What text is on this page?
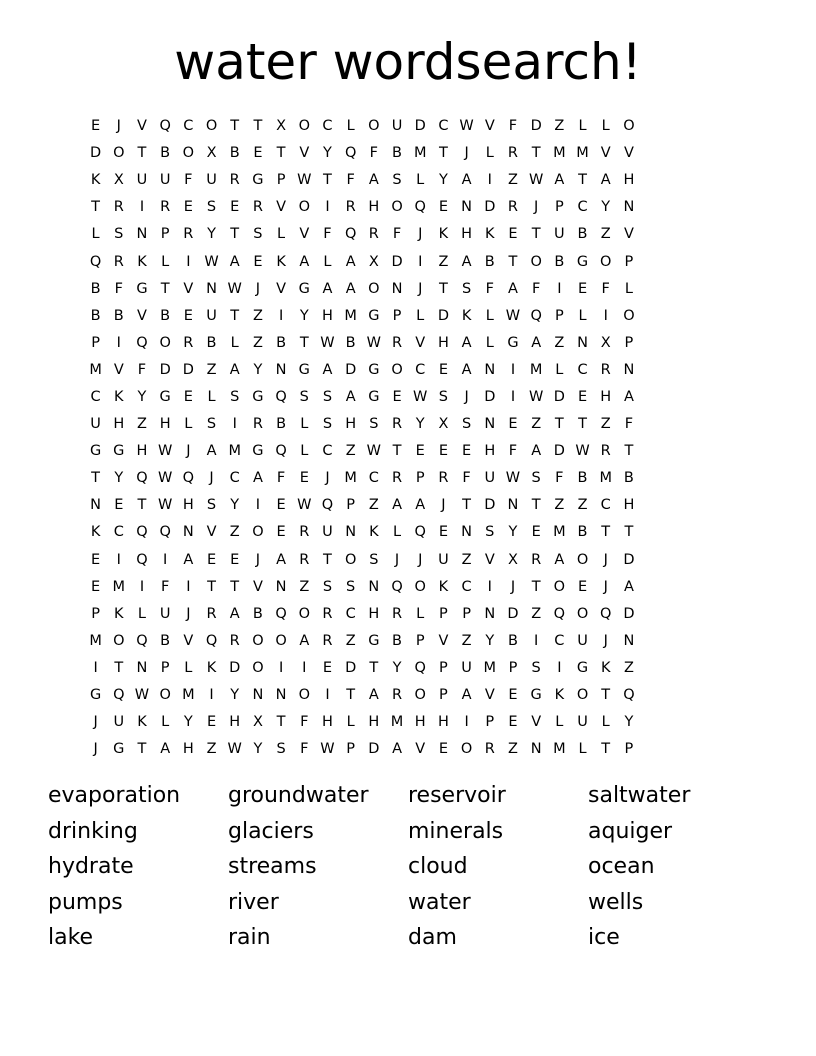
water wordsearch!
E	J	V Q C O T T X O C L O U D C W V F D Z L	L O
D O T B O X B E T V Y Q F B M T	J	L R T M M V V
K X U U F U R G P W T	F A S	L	Y A	I	Z W A T A H
T R	I	R E S E R V O	I	R H O Q E N D R	J	P C Y N
L	S N P R Y T S	L V F Q R F	J	K H K E T U B Z V
Q R K L	I W A E K A L A X D	I	Z A B T O B G O P
B F G T V N W J	V G A A O N	J	T S F A F	I	E F	L
B B V B E U T Z	I	Y H M G P	L D K L W Q P	L	I	O
P	I	Q O R B L Z B T W B W R V H A L G A Z N X P
M V F D D Z A Y N G A D G O C E A N	I	M L C R N
C K Y G E	L	S G Q S S A G E W S	J	D	I W D E H A
U H Z H L	S	I	R B L	S H S R Y X S N E Z T T Z F
G G H W J	A M G Q L C Z W T E E E H F A D W R T
T Y Q W Q	J	C A F E	J	M C R P R F U W S F B M B
N E T W H S Y	I	E W Q P Z A A	J	T D N T Z Z C H
K C Q Q N V Z O E R U N K L Q E N S Y E M B T T
E	I	Q	I	A E E	J	A R T O S	J	J	U Z V X R A O	J	D
E M	I	F	I	T T V N Z S S N Q O K C	I	J	T O E	J	A
P K L U	J	R A B Q O R C H R L	P P N D Z Q O Q D
M O Q B V Q R O O A R Z G B P V Z Y B	I	C U	J	N
I	T N P	L K D O	I	I	E D T Y Q P U M P S	I	G K Z
G Q W O M	I	Y N N O	I	T A R O P A V E G K O T Q
J	U K L	Y E H X T	F H L H M H H	I	P E V L U L	Y
J	G T A H Z W Y S F W P D A V E O R Z N M L	T P
evaporation	groundwater	reservoir	saltwater
drinking	glaciers	minerals	aquiger
hydrate	streams	cloud	ocean
pumps	river	water	wells
lake	rain	dam	ice
